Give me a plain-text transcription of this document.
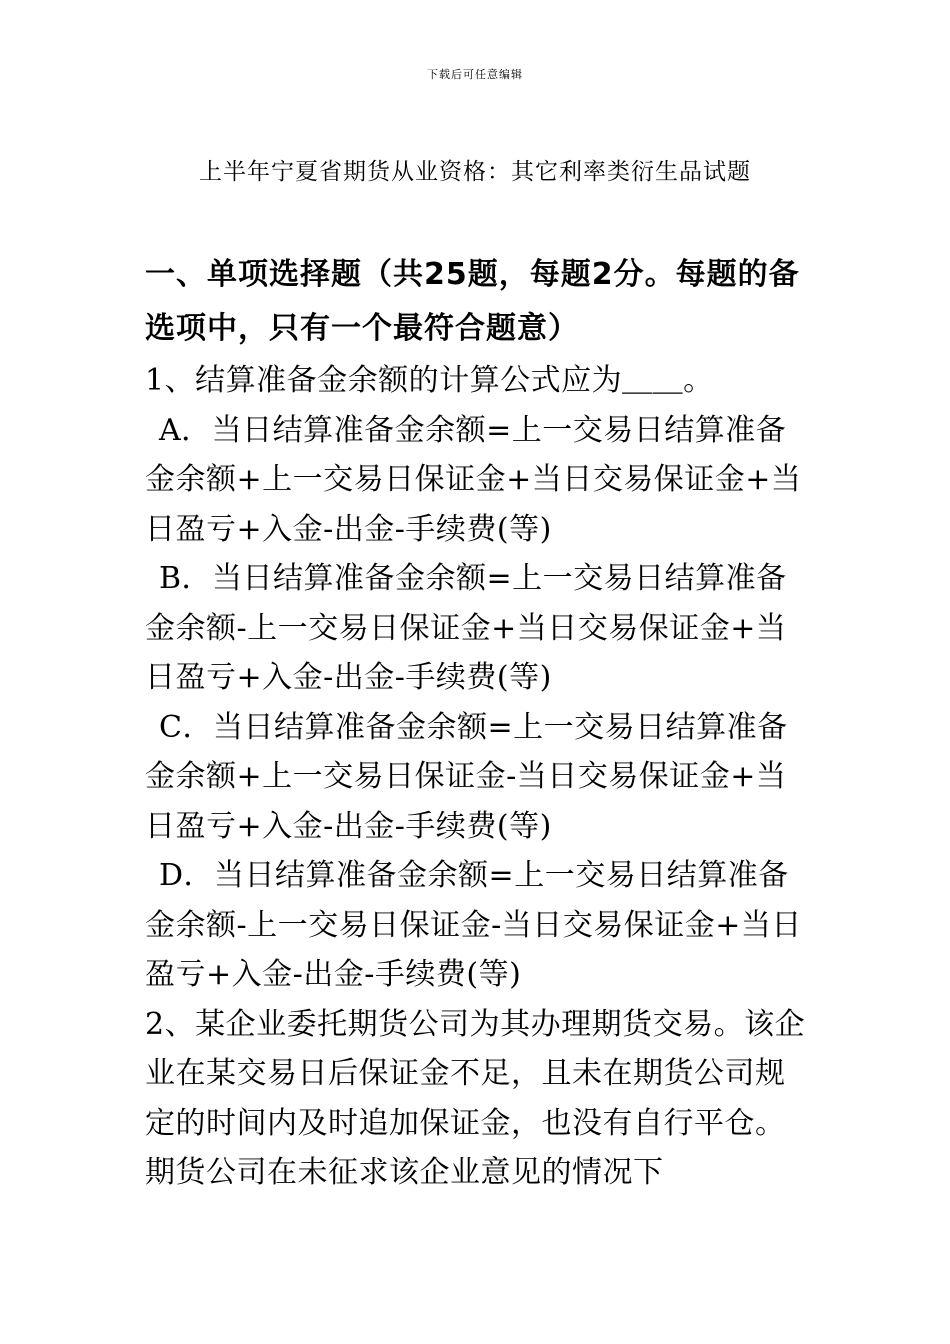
下载后可任意编辑
上半年宁夏省期货从业资格：其它利率类衍生品试题

一、单项选择题（共25题，每题2分。每题的备选项中，只有一个最符合题意）

1、结算准备金余额的计算公式应为＿＿。

A．当日结算准备金余额=上一交易日结算准备金余额+上一交易日保证金+当日交易保证金+当日盈亏+入金-出金-手续费(等)

B．当日结算准备金余额=上一交易日结算准备金余额-上一交易日保证金+当日交易保证金+当日盈亏+入金-出金-手续费(等)

C．当日结算准备金余额=上一交易日结算准备金余额+上一交易日保证金-当日交易保证金+当日盈亏+入金-出金-手续费(等)

D．当日结算准备金余额=上一交易日结算准备金余额-上一交易日保证金-当日交易保证金+当日盈亏+入金-出金-手续费(等)

2、某企业委托期货公司为其办理期货交易。该企业在某交易日后保证金不足，且未在期货公司规定的时间内及时追加保证金，也没有自行平仓。期货公司在未征求该企业意见的情况下
